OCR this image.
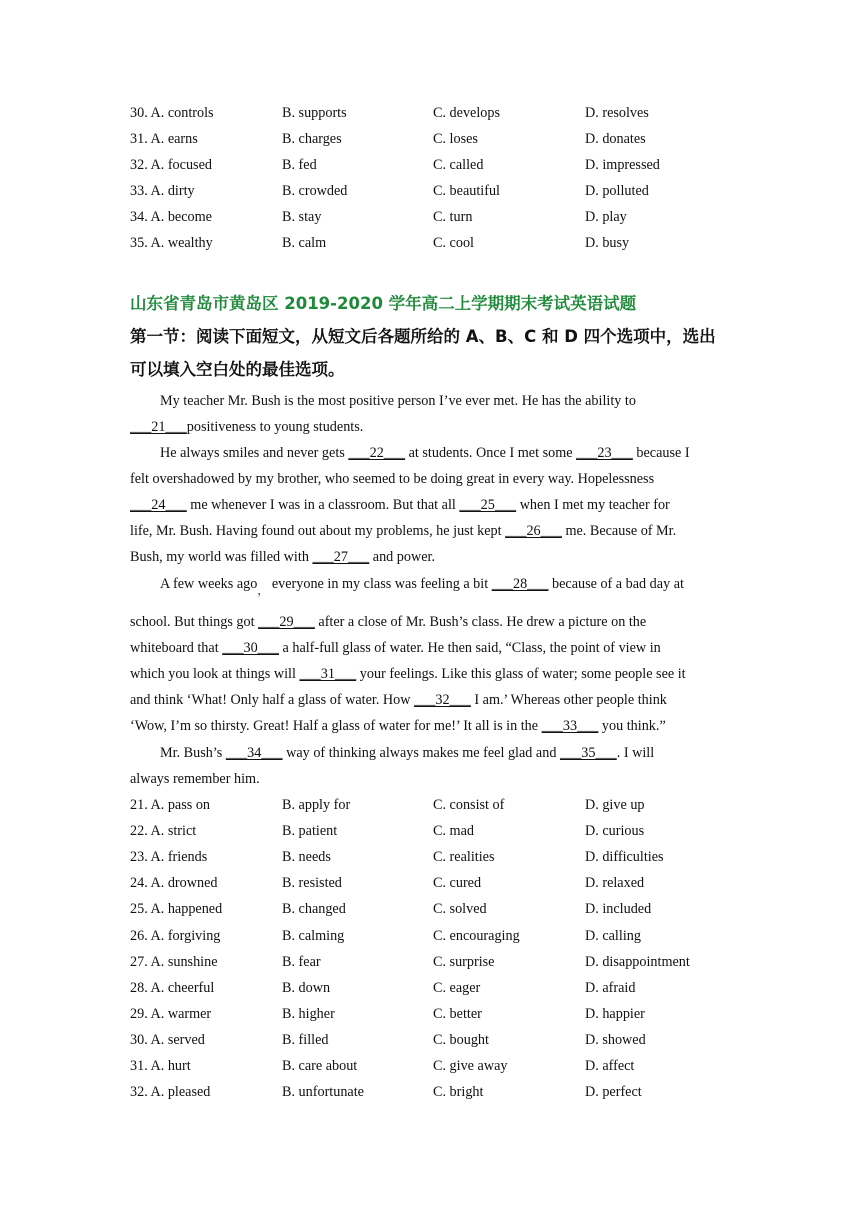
30. A. controls	B. supports	C. develops	D. resolves
31. A. earns	B. charges	C. loses	D. donates
32. A. focused	B. fed	C. called	D. impressed
33. A. dirty	B. crowded	C. beautiful	D. polluted
34. A. become	B. stay	C. turn	D. play
35. A. wealthy	B. calm	C. cool	D. busy
山东省青岛市黄岛区 2019-2020 学年高二上学期期末考试英语试题
第一节：阅读下面短文，从短文后各题所给的 A、B、C 和 D 四个选项中，选出
可以填入空白处的最佳选项。
My teacher Mr. Bush is the most positive person I’ve ever met. He has the ability to
___21___positiveness to young students.
He always smiles and never gets ___22___ at students. Once I met some ___23___ because I
felt overshadowed by my brother, who seemed to be doing great in every way. Hopelessness
___24___ me whenever I was in a classroom. But that all ___25___ when I met my teacher for
life, Mr. Bush. Having found out about my problems, he just kept ___26___ me. Because of Mr.
Bush, my world was filled with ___27___ and power.
A few weeks ago$_,$ everyone in my class was feeling a bit ___28___ because of a bad day at
school. But things got ___29___ after a close of Mr. Bush’s class. He drew a picture on the
whiteboard that ___30___ a half-full glass of water. He then said, “Class, the point of view in
which you look at things will ___31___ your feelings. Like this glass of water; some people see it
and think ‘What! Only half a glass of water. How ___32___ I am.’ Whereas other people think
‘Wow, I’m so thirsty. Great! Half a glass of water for me!’ It all is in the ___33___ you think.”
Mr. Bush’s ___34___ way of thinking always makes me feel glad and ___35___. I will
always remember him.
21. A. pass on	B. apply for	C. consist of	D. give up
22. A. strict	B. patient	C. mad	D. curious
23. A. friends	B. needs	C. realities	D. difficulties
24. A. drowned	B. resisted	C. cured	D. relaxed
25. A. happened	B. changed	C. solved	D. included
26. A. forgiving	B. calming	C. encouraging	D. calling
27. A. sunshine	B. fear	C. surprise	D. disappointment
28. A. cheerful	B. down	C. eager	D. afraid
29. A. warmer	B. higher	C. better	D. happier
30. A. served	B. filled	C. bought	D. showed
31. A. hurt	B. care about	C. give away	D. affect
32. A. pleased	B. unfortunate	C. bright	D. perfect
